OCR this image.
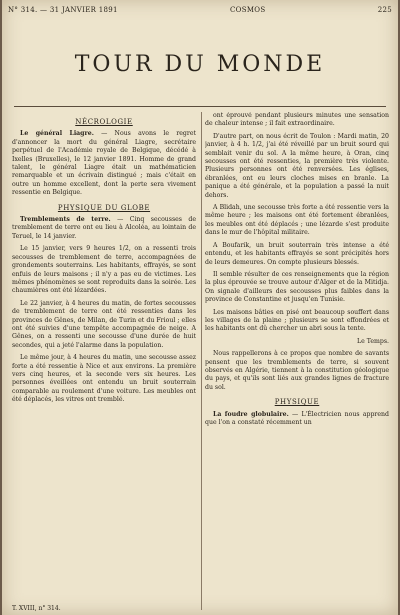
N° 314. — 31 JANVIER 1891	COSMOS	225
TOUR DU MONDE
NÉCROLOGIE

Le général Liagre. — Nous avons le regret d'annoncer la mort du général Liagre, secrétaire perpétuel de l'Académie royale de Belgique, décédé à Ixelles (Bruxelles), le 12 janvier 1891. Homme de grand talent, le général Liagre était un mathématicien remarquable et un écrivain distingué ; mais c'était en outre un homme excellent, dont la perte sera vivement ressentie en Belgique.

PHYSIQUE DU GLOBE

Tremblements de terre. — Cinq secousses de tremblement de terre ont eu lieu à Alcoléa, au lointain de Teruel, le 14 janvier.

Le 15 janvier, vers 9 heures 1/2, on a ressenti trois secousses de tremblement de terre, accompagnées de grondements souterrains. Les habitants, effrayés, se sont enfuis de leurs maisons ; il n'y a pas eu de victimes. Les mêmes phénomènes se sont reproduits dans la soirée. Les chaumières ont été lézardées.

Le 22 janvier, à 4 heures du matin, de fortes secousses de tremblement de terre ont été ressenties dans les provinces de Gênes, de Milan, de Turin et du Frioul ; elles ont été suivies d'une tempête accompagnée de neige. A Gênes, on a ressenti une secousse d'une durée de huit secondes, qui a jeté l'alarme dans la population.

Le même jour, à 4 heures du matin, une secousse assez forte a été ressentie à Nice et aux environs. La première vers cinq heures, et la seconde vers six heures. Les personnes éveillées ont entendu un bruit souterrain comparable au roulement d'une voiture. Les meubles ont été déplacés, les vitres ont tremblé.

ont éprouvé pendant plusieurs minutes une sensation de chaleur intense ; il fait extraordinaire.

D'autre part, on nous écrit de Toulon : Mardi matin, 20 janvier, à 4 h. 1/2, j'ai été réveillé par un bruit sourd qui semblait venir du sol. A la même heure, à Oran, cinq secousses ont été ressenties, la première très violente. Plusieurs personnes ont été renversées. Les églises, ébranlées, ont eu leurs cloches mises en branle. La panique a été générale, et la population a passé la nuit dehors.

A Blidah, une secousse très forte a été ressentie vers la même heure ; les maisons ont été fortement ébranlées, les meubles ont été déplacés ; une lézarde s'est produite dans le mur de l'hôpital militaire.

A Boufarik, un bruit souterrain très intense a été entendu, et les habitants effrayés se sont précipités hors de leurs demeures. On compte plusieurs blessés.

Il semble résulter de ces renseignements que la région la plus éprouvée se trouve autour d'Alger et de la Mitidja. On signale d'ailleurs des secousses plus faibles dans la province de Constantine et jusqu'en Tunisie.

Les maisons bâties en pisé ont beaucoup souffert dans les villages de la plaine ; plusieurs se sont effondrées et les habitants ont dû chercher un abri sous la tente.

Le Temps.

Nous rappellerons à ce propos que nombre de savants pensent que les tremblements de terre, si souvent observés en Algérie, tiennent à la constitution géologique du pays, et qu'ils sont liés aux grandes lignes de fracture du sol.

PHYSIQUE

La foudre globulaire. — L'Électricien nous apprend que l'on a constaté récemment un

T. XVIII, n° 314.
